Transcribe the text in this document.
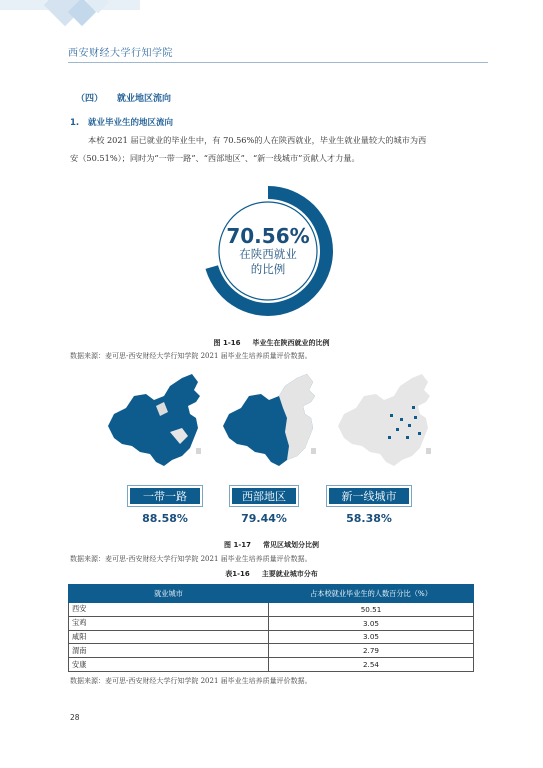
西安财经大学行知学院
（四） 就业地区流向
1. 就业毕业生的地区流向
本校 2021 届已就业的毕业生中，有 70.56%的人在陕西就业，毕业生就业量较大的城市为西
安（50.51%）；同时为“一带一路”、“西部地区”、“新一线城市”贡献人才力量。
70.56%
在陕西就业
的比例
图 1-16 毕业生在陕西就业的比例
数据来源：麦可思-西安财经大学行知学院 2021 届毕业生培养质量评价数据。
一带一路	西部地区	新一线城市
88.58%	79.44%	58.38%
图 1-17 常见区域划分比例
数据来源：麦可思-西安财经大学行知学院 2021 届毕业生培养质量评价数据。
表1-16 主要就业城市分布
就业城市	占本校就业毕业生的人数百分比（%）
西安	50.51
宝鸡	3.05
咸阳	3.05
渭南	2.79
安康	2.54
数据来源：麦可思-西安财经大学行知学院 2021 届毕业生培养质量评价数据。
28
